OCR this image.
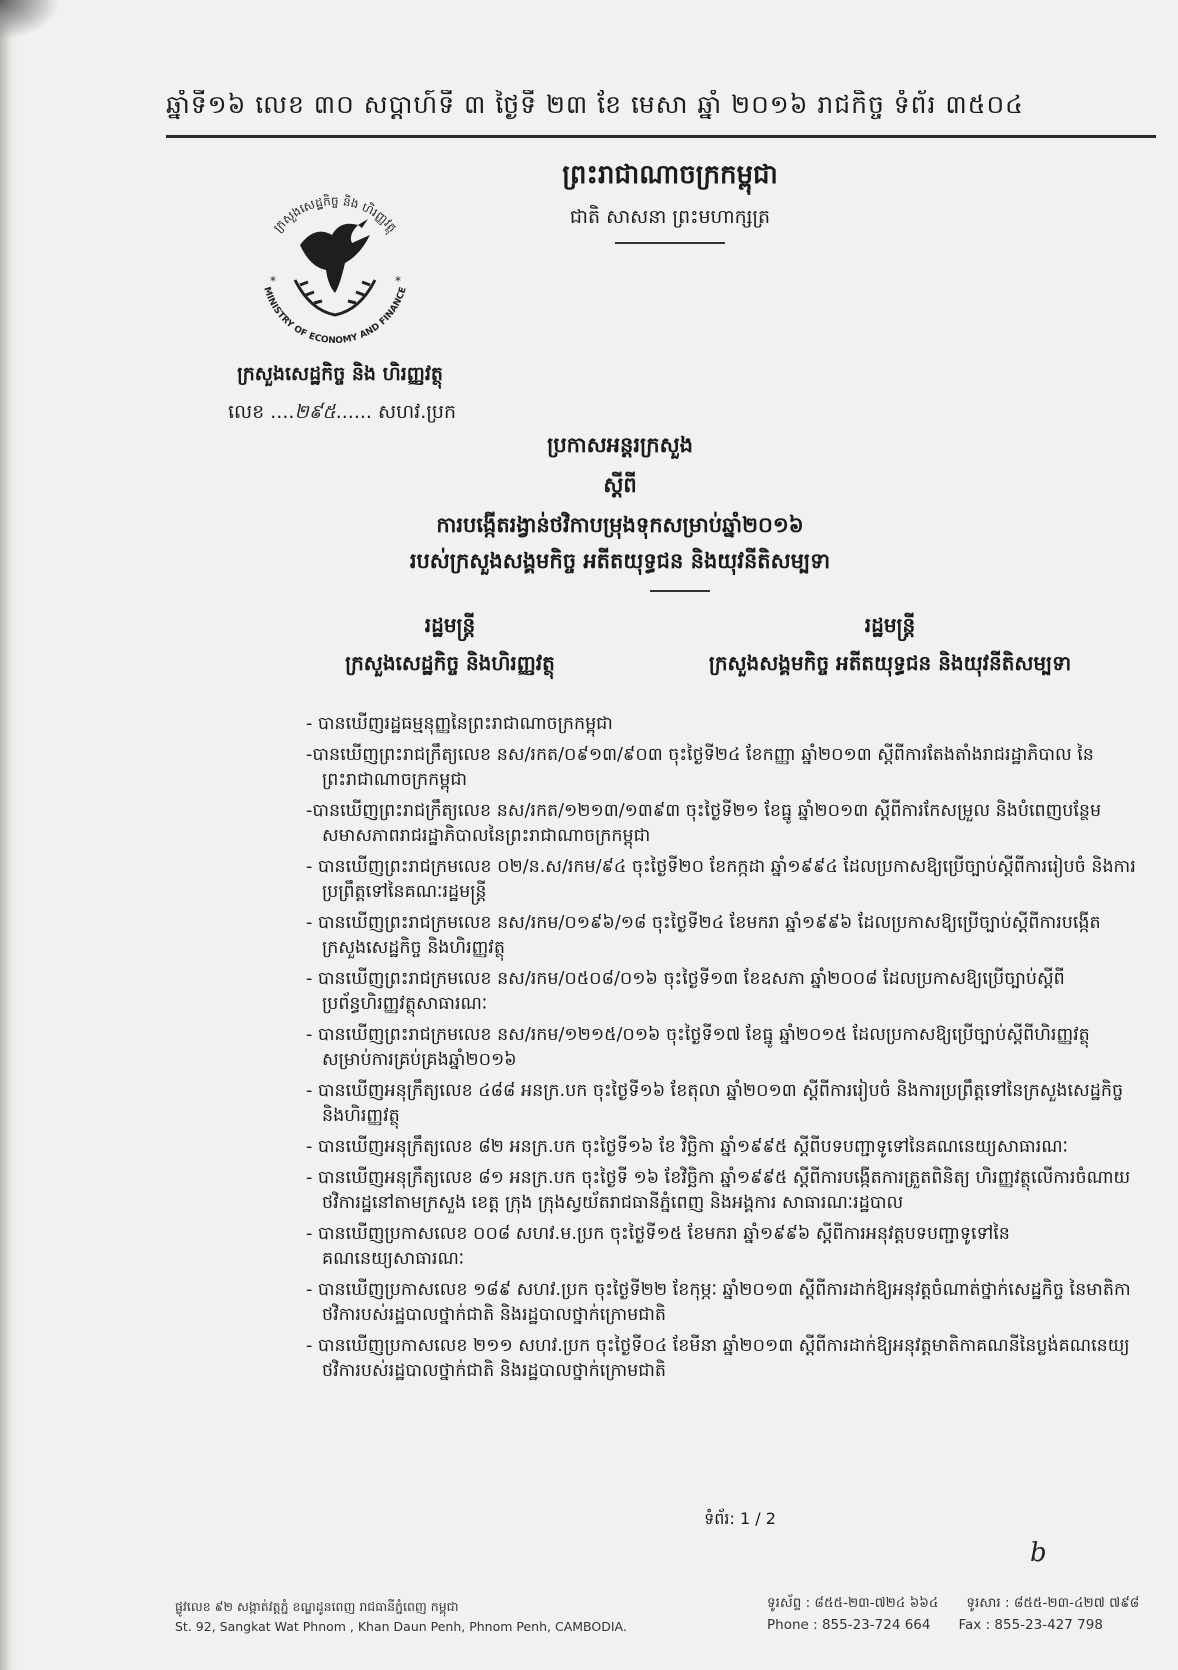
ឆ្នាំទី១៦ លេខ ៣០ សប្តាហ៍ទី ៣ ថ្ងៃទី ២៣ ខែ មេសា ឆ្នាំ ២០១៦ រាជកិច្ច ទំព័រ ៣៥០៤
ព្រះរាជាណាចក្រកម្ពុជា
ជាតិ សាសនា ព្រះមហាក្សត្រ
ក្រសួងសេដ្ឋកិច្ច និង ហិរញ្ញវត្ថុ
MINISTRY OF ECONOMY AND FINANCE
*	*
ក្រសួងសេដ្ឋកិច្ច និង ហិរញ្ញវត្ថុ
លេខ ....២៩៥...... សហវ.ប្រក
ប្រកាសអន្តរក្រសួង
ស្តីពី
ការបង្កើតរង្វាន់ថវិកាបម្រុងទុកសម្រាប់ឆ្នាំ២០១៦
របស់ក្រសួងសង្គមកិច្ច អតីតយុទ្ធជន និងយុវនីតិសម្បទា
រដ្ឋមន្ត្រី
ក្រសួងសេដ្ឋកិច្ច និងហិរញ្ញវត្ថុ
រដ្ឋមន្ត្រី
ក្រសួងសង្គមកិច្ច អតីតយុទ្ធជន និងយុវនីតិសម្បទា
- បានឃើញរដ្ឋធម្មនុញ្ញនៃព្រះរាជាណាចក្រកម្ពុជា
-បានឃើញព្រះរាជក្រឹត្យលេខ នស/រកត/០៩១៣/៩០៣ ចុះថ្ងៃទី២៤ ខែកញ្ញា ឆ្នាំ២០១៣ ស្តីពីការតែងតាំងរាជរដ្ឋាភិបាល នៃព្រះរាជាណាចក្រកម្ពុជា
-បានឃើញព្រះរាជក្រឹត្យលេខ នស/រកត/១២១៣/១៣៩៣ ចុះថ្ងៃទី២១ ខែធ្នូ ឆ្នាំ២០១៣ ស្តីពីការកែសម្រួល និងបំពេញបន្ថែម សមាសភាពរាជរដ្ឋាភិបាលនៃព្រះរាជាណាចក្រកម្ពុជា
- បានឃើញព្រះរាជក្រមលេខ ០២/ន.ស/រកម/៩៤ ចុះថ្ងៃទី២០ ខែកក្កដា ឆ្នាំ១៩៩៤ ដែលប្រកាសឱ្យប្រើច្បាប់ស្តីពីការរៀបចំ និងការប្រព្រឹត្តទៅនៃគណៈរដ្ឋមន្ត្រី
- បានឃើញព្រះរាជក្រមលេខ នស/រកម/០១៩៦/១៨ ចុះថ្ងៃទី២៤ ខែមករា ឆ្នាំ១៩៩៦ ដែលប្រកាសឱ្យប្រើច្បាប់ស្តីពីការបង្កើតក្រសួងសេដ្ឋកិច្ច និងហិរញ្ញវត្ថុ
- បានឃើញព្រះរាជក្រមលេខ នស/រកម/០៥០៨/០១៦ ចុះថ្ងៃទី១៣ ខែឧសភា ឆ្នាំ២០០៨ ដែលប្រកាសឱ្យប្រើច្បាប់ស្តីពីប្រព័ន្ធហិរញ្ញវត្ថុសាធារណៈ
- បានឃើញព្រះរាជក្រមលេខ នស/រកម/១២១៥/០១៦ ចុះថ្ងៃទី១៧ ខែធ្នូ ឆ្នាំ២០១៥ ដែលប្រកាសឱ្យប្រើច្បាប់ស្តីពីហិរញ្ញវត្ថុសម្រាប់ការគ្រប់គ្រងឆ្នាំ២០១៦
- បានឃើញអនុក្រឹត្យលេខ ៤៨៨ អនក្រ.បក ចុះថ្ងៃទី១៦ ខែតុលា ឆ្នាំ២០១៣ ស្តីពីការរៀបចំ និងការប្រព្រឹត្តទៅនៃក្រសួងសេដ្ឋកិច្ចនិងហិរញ្ញវត្ថុ
- បានឃើញអនុក្រឹត្យលេខ ៨២ អនក្រ.បក ចុះថ្ងៃទី១៦ ខែ វិច្ឆិកា ឆ្នាំ១៩៩៥ ស្តីពីបទបញ្ជាទូទៅនៃគណនេយ្យសាធារណៈ
- បានឃើញអនុក្រឹត្យលេខ ៨១ អនក្រ.បក ចុះថ្ងៃទី ១៦ ខែវិច្ឆិកា ឆ្នាំ១៩៩៥ ស្តីពីការបង្កើតការត្រួតពិនិត្យ ហិរញ្ញវត្ថុលើការចំណាយថវិការដ្ឋនៅតាមក្រសួង ខេត្ត ក្រុង ក្រុងស្វយ័តរាជធានីភ្នំពេញ និងអង្គការ សាធារណៈរដ្ឋបាល
- បានឃើញប្រកាសលេខ ០០៨ សហវ.ម.ប្រក ចុះថ្ងៃទី១៥ ខែមករា ឆ្នាំ១៩៩៦ ស្តីពីការអនុវត្តបទបញ្ជាទូទៅនៃគណនេយ្យសាធារណៈ
- បានឃើញប្រកាសលេខ ១៨៩ សហវ.ប្រក ចុះថ្ងៃទី២២ ខែកុម្ភៈ ឆ្នាំ២០១៣ ស្តីពីការដាក់ឱ្យអនុវត្តចំណាត់ថ្នាក់សេដ្ឋកិច្ច នៃមាតិកាថវិការបស់រដ្ឋបាលថ្នាក់ជាតិ និងរដ្ឋបាលថ្នាក់ក្រោមជាតិ
- បានឃើញប្រកាសលេខ ២១១ សហវ.ប្រក ចុះថ្ងៃទី០៤ ខែមីនា ឆ្នាំ២០១៣ ស្តីពីការដាក់ឱ្យអនុវត្តមាតិកាគណនីនៃប្លង់គណនេយ្យថវិការបស់រដ្ឋបាលថ្នាក់ជាតិ និងរដ្ឋបាលថ្នាក់ក្រោមជាតិ
ទំព័រ: 1 / 2
b
ផ្លូវលេខ ៩២ សង្កាត់វត្តភ្នំ ខណ្ឌដូនពេញ រាជធានីភ្នំពេញ កម្ពុជា
St. 92, Sangkat Wat Phnom , Khan Daun Penh, Phnom Penh, CAMBODIA.
ទូរស័ព្ទ : ៨៥៥-២៣-៧២៤ ៦៦៤ ទូរសារ : ៨៥៥-២៣-៤២៧ ៧៩៨
Phone : 855-23-724 664 Fax : 855-23-427 798
